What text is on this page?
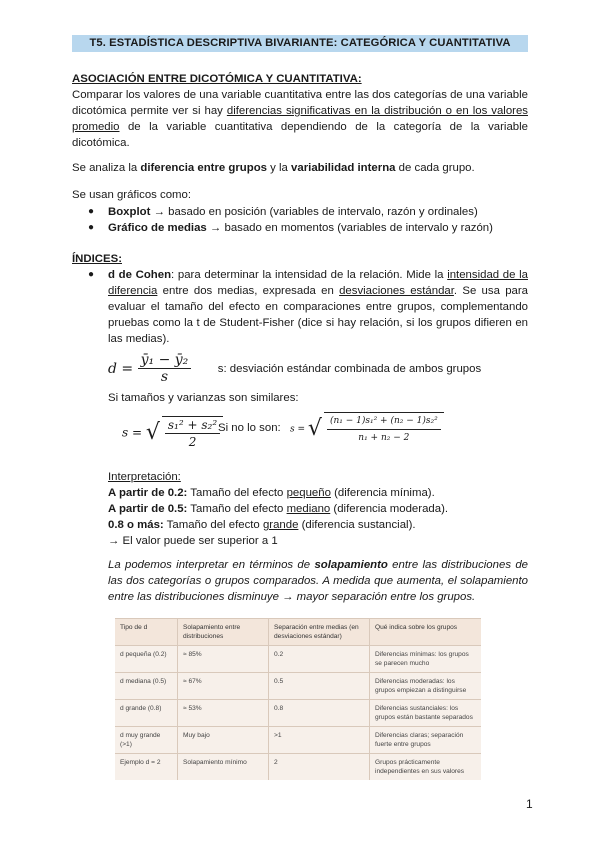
T5. ESTADÍSTICA DESCRIPTIVA BIVARIANTE: CATEGÓRICA Y CUANTITATIVA
ASOCIACIÓN ENTRE DICOTÓMICA Y CUANTITATIVA:
Comparar los valores de una variable cuantitativa entre las dos categorías de una variable dicotómica permite ver si hay diferencias significativas en la distribución o en los valores promedio de la variable cuantitativa dependiendo de la categoría de la variable dicotómica.
Se analiza la diferencia entre grupos y la variabilidad interna de cada grupo.
Se usan gráficos como:
● Boxplot → basado en posición (variables de intervalo, razón y ordinales)
● Gráfico de medias → basado en momentos (variables de intervalo y razón)
ÍNDICES:
● d de Cohen: para determinar la intensidad de la relación. Mide la intensidad de la diferencia entre dos medias, expresada en desviaciones estándar. Se usa para evaluar el tamaño del efecto en comparaciones entre grupos, complementando pruebas como la t de Student-Fisher (dice si hay relación, si los grupos difieren en las medias).
$d = \frac{\text{ȳ₁ − ȳ₂}}{s} s$: desviación estándar combinada de ambos grupos
Si tamaños y varianzas son similares:
s = √ $\frac{\text{s₁² + s₂²}}{2}$
Si no lo son: s = √ $\frac{\text{(n₁ − 1)s₁² + (n₂ − 1)s₂²}}{\text{n₁ + n₂ − 2}}$
Interpretación:
A partir de 0.2: Tamaño del efecto pequeño (diferencia mínima).
A partir de 0.5: Tamaño del efecto mediano (diferencia moderada).
0.8 o más: Tamaño del efecto grande (diferencia sustancial).
→ El valor puede ser superior a 1
La podemos interpretar en términos de solapamiento entre las distribuciones de las dos categorías o grupos comparados. A medida que aumenta, el solapamiento entre las distribuciones disminuye → mayor separación entre los grupos.
Tipo de d	Solapamiento entre distribuciones	Separación entre medias (en desviaciones estándar)	Qué indica sobre los grupos
d pequeña (0.2)	≈ 85%	0.2	Diferencias mínimas: los grupos se parecen mucho
d mediana (0.5)	≈ 67%	0.5	Diferencias moderadas: los grupos empiezan a distinguirse
d grande (0.8)	≈ 53%	0.8	Diferencias sustanciales: los grupos están bastante separados
d muy grande (>1)	Muy bajo	>1	Diferencias claras; separación fuerte entre grupos
Ejemplo d = 2	Solapamiento mínimo	2	Grupos prácticamente independientes en sus valores
1
